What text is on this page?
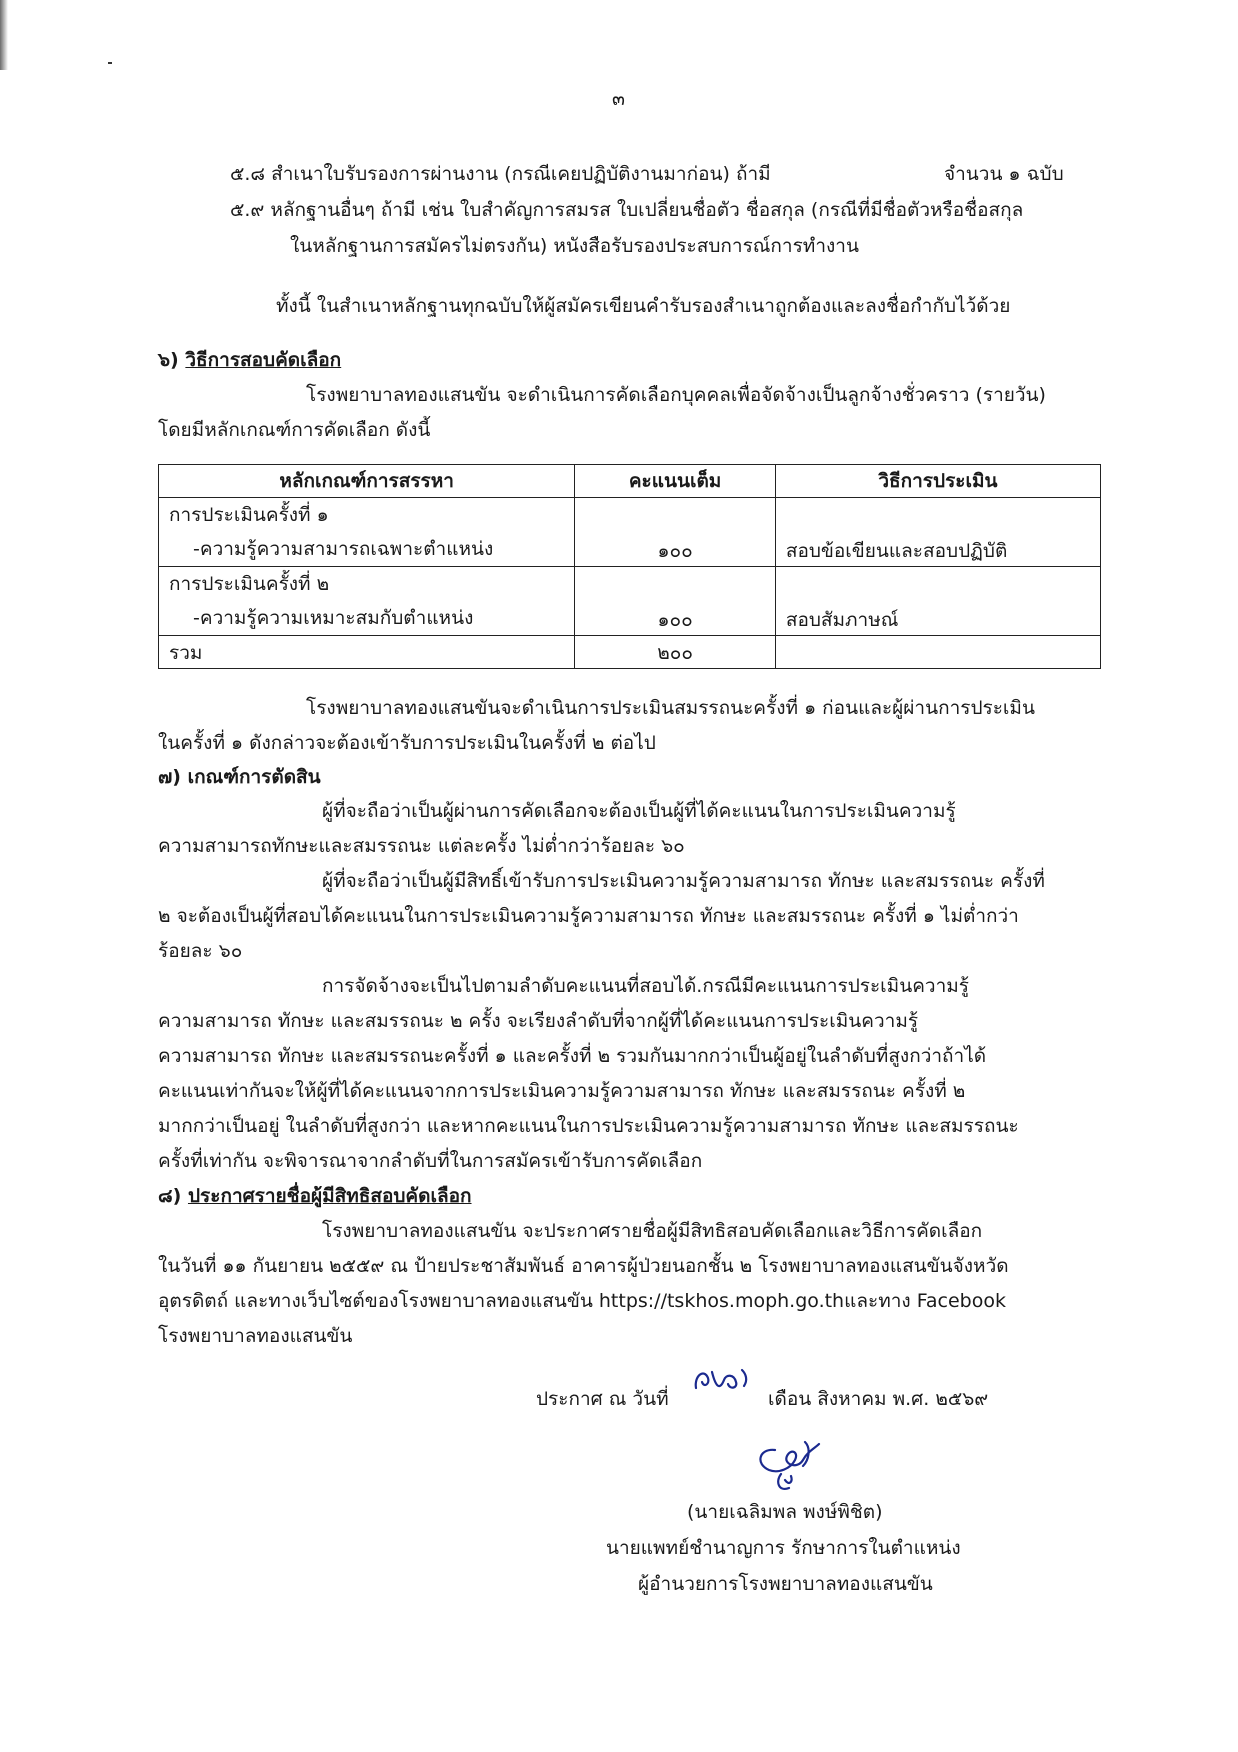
๓
๕.๘ สำเนาใบรับรองการผ่านงาน (กรณีเคยปฏิบัติงานมาก่อน) ถ้ามี	จำนวน ๑ ฉบับ
๕.๙ หลักฐานอื่นๆ ถ้ามี เช่น ใบสำคัญการสมรส ใบเปลี่ยนชื่อตัว ชื่อสกุล (กรณีที่มีชื่อตัวหรือชื่อสกุล
ในหลักฐานการสมัครไม่ตรงกัน) หนังสือรับรองประสบการณ์การทำงาน
ทั้งนี้ ในสำเนาหลักฐานทุกฉบับให้ผู้สมัครเขียนคำรับรองสำเนาถูกต้องและลงชื่อกำกับไว้ด้วย
๖) วิธีการสอบคัดเลือก
โรงพยาบาลทองแสนขัน จะดำเนินการคัดเลือกบุคคลเพื่อจัดจ้างเป็นลูกจ้างชั่วคราว (รายวัน)
โดยมีหลักเกณฑ์การคัดเลือก ดังนี้
หลักเกณฑ์การสรรหา	คะแนนเต็ม	วิธีการประเมิน

การประเมินครั้งที่ ๑
-ความรู้ความสามารถเฉพาะตำแหน่ง	๑๐๐	สอบข้อเขียนและสอบปฏิบัติ

การประเมินครั้งที่ ๒
-ความรู้ความเหมาะสมกับตำแหน่ง	๑๐๐	สอบสัมภาษณ์
รวม	๒๐๐	
โรงพยาบาลทองแสนขันจะดำเนินการประเมินสมรรถนะครั้งที่ ๑ ก่อนและผู้ผ่านการประเมิน
ในครั้งที่ ๑ ดังกล่าวจะต้องเข้ารับการประเมินในครั้งที่ ๒ ต่อไป
๗) เกณฑ์การตัดสิน
ผู้ที่จะถือว่าเป็นผู้ผ่านการคัดเลือกจะต้องเป็นผู้ที่ได้คะแนนในการประเมินความรู้
ความสามารถทักษะและสมรรถนะ แต่ละครั้ง ไม่ต่ำกว่าร้อยละ ๖๐
ผู้ที่จะถือว่าเป็นผู้มีสิทธิ์เข้ารับการประเมินความรู้ความสามารถ ทักษะ และสมรรถนะ ครั้งที่
๒ จะต้องเป็นผู้ที่สอบได้คะแนนในการประเมินความรู้ความสามารถ ทักษะ และสมรรถนะ ครั้งที่ ๑ ไม่ต่ำกว่า
ร้อยละ ๖๐
การจัดจ้างจะเป็นไปตามลำดับคะแนนที่สอบได้.กรณีมีคะแนนการประเมินความรู้
ความสามารถ ทักษะ และสมรรถนะ ๒ ครั้ง จะเรียงลำดับที่จากผู้ที่ได้คะแนนการประเมินความรู้
ความสามารถ ทักษะ และสมรรถนะครั้งที่ ๑ และครั้งที่ ๒ รวมกันมากกว่าเป็นผู้อยู่ในลำดับที่สูงกว่าถ้าได้
คะแนนเท่ากันจะให้ผู้ที่ได้คะแนนจากการประเมินความรู้ความสามารถ ทักษะ และสมรรถนะ ครั้งที่ ๒
มากกว่าเป็นอยู่ ในลำดับที่สูงกว่า และหากคะแนนในการประเมินความรู้ความสามารถ ทักษะ และสมรรถนะ
ครั้งที่เท่ากัน จะพิจารณาจากลำดับที่ในการสมัครเข้ารับการคัดเลือก
๘) ประกาศรายชื่อผู้มีสิทธิสอบคัดเลือก
โรงพยาบาลทองแสนขัน จะประกาศรายชื่อผู้มีสิทธิสอบคัดเลือกและวิธีการคัดเลือก
ในวันที่ ๑๑ กันยายน ๒๕๕๙ ณ ป้ายประชาสัมพันธ์ อาคารผู้ป่วยนอกชั้น ๒ โรงพยาบาลทองแสนขันจังหวัด
อุตรดิตถ์ และทางเว็บไซต์ของโรงพยาบาลทองแสนขัน https://tskhos.moph.go.thและทาง Facebook
โรงพยาบาลทองแสนขัน
ประกาศ ณ วันที่	เดือน สิงหาคม พ.ศ. ๒๕๖๙
(นายเฉลิมพล พงษ์พิชิต)
นายแพทย์ชำนาญการ รักษาการในตำแหน่ง
ผู้อำนวยการโรงพยาบาลทองแสนขัน
